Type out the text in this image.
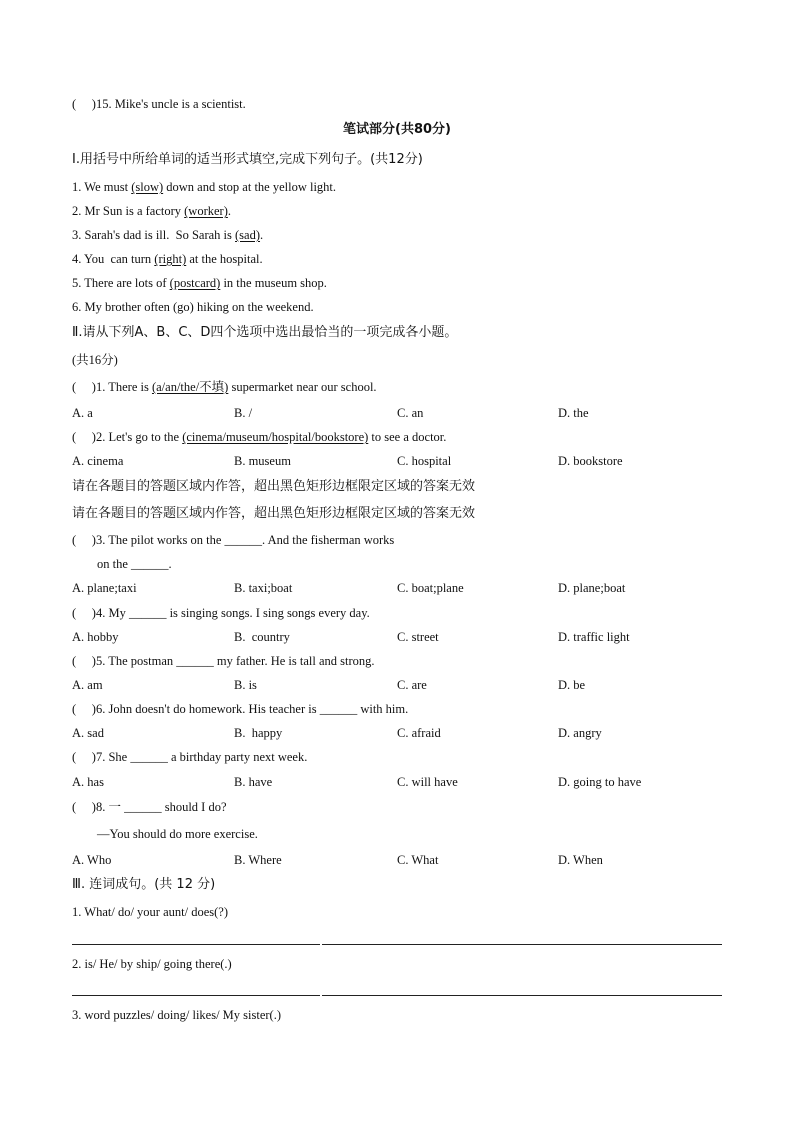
(     )15. Mike's uncle is a scientist.
笔试部分(共80分)
Ⅰ.用括号中所给单词的适当形式填空,完成下列句子。(共12分)
1. We must (slow) down and stop at the yellow light.
2. Mr Sun is a factory (worker).
3. Sarah's dad is ill.  So Sarah is (sad).
4. You  can turn (right) at the hospital.
5. There are lots of (postcard) in the museum shop.
6. My brother often (go) hiking on the weekend.
Ⅱ.请从下列A、B、C、D四个选项中选出最恰当的一项完成各小题。
(共16分)
(     )1. There is (a/an/the/不填) supermarket near our school.
A. a	B. /	C. an	D. the
(     )2. Let's go to the (cinema/museum/hospital/bookstore) to see a doctor.
A. cinema	B. museum	C. hospital	D. bookstore
请在各题目的答题区域内作答，超出黑色矩形边框限定区域的答案无效
请在各题目的答题区域内作答，超出黑色矩形边框限定区域的答案无效
(     )3. The pilot works on the ______. And the fisherman works
on the ______.
A. plane;taxi	B. taxi;boat	C. boat;plane	D. plane;boat
(     )4. My ______ is singing songs. I sing songs every day.
A. hobby	B.  country	C. street	D. traffic light
(     )5. The postman ______ my father. He is tall and strong.
A. am	B. is	C. are	D. be
(     )6. John doesn't do homework. His teacher is ______ with him.
A. sad	B.  happy	C. afraid	D. angry
(     )7. She ______ a birthday party next week.
A. has	B. have	C. will have	D. going to have
(     )8. 一 ______ should I do?
—You should do more exercise.
A. Who	B. Where	C. What	D. When
Ⅲ. 连词成句。(共 12 分)
1. What/ do/ your aunt/ does(?)
2. is/ He/ by ship/ going there(.)
3. word puzzles/ doing/ likes/ My sister(.)
